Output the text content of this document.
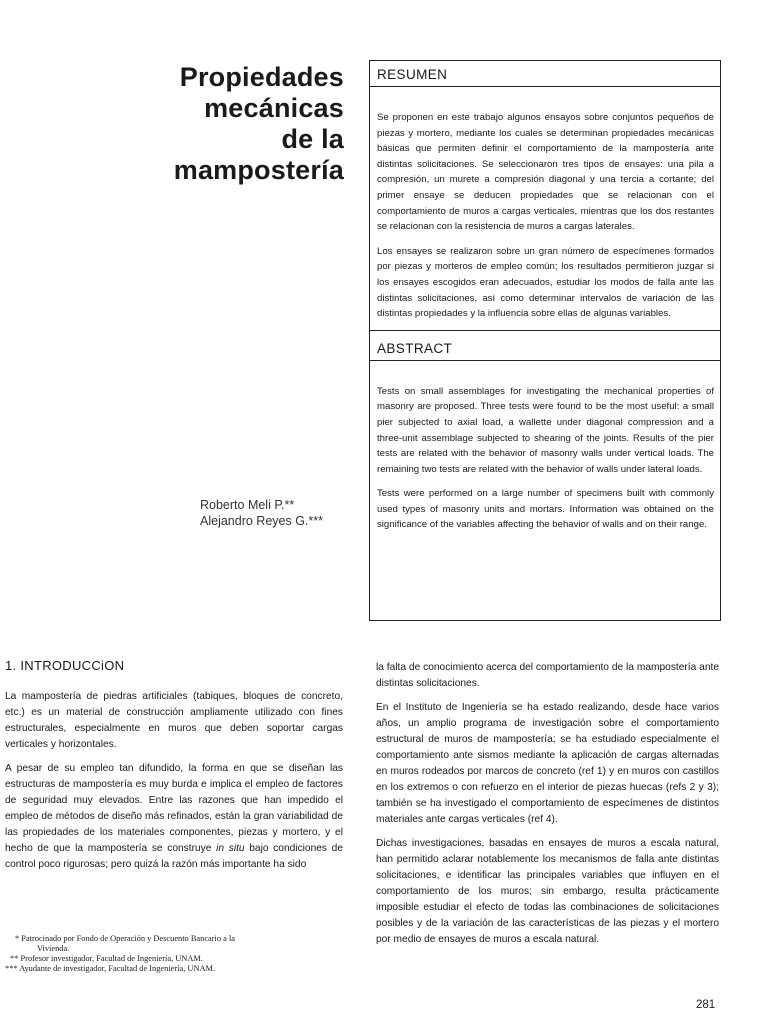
Propiedades
mecánicas
de la
mampostería
Roberto Meli P.**
Alejandro Reyes G.***
RESUMEN

Se proponen en este trabajo algunos ensayos sobre conjuntos pequeños de piezas y mortero, mediante los cuales se determinan propiedades mecánicas básicas que permiten definir el comportamiento de la mampostería ante distintas solicitaciones. Se seleccionaron tres tipos de ensayes: una pila a compresión, un murete a compresión diagonal y una tercia a cortante; del primer ensaye se deducen propiedades que se relacionan con el comportamiento de muros a cargas verticales, mientras que los dos restantes se relacionan con la resistencia de muros a cargas laterales.

Los ensayes se realizaron sobre un gran número de especímenes formados por piezas y morteros de empleo común; los resultados permitieron juzgar si los ensayes escogidos eran adecuados, estudiar los modos de falla ante las distintas solicitaciones, así como determinar intervalos de variación de las distintas propiedades y la influencia sobre ellas de algunas variables.

ABSTRACT

Tests on small assemblages for investigating the mechanical properties of masonry are proposed. Three tests were found to be the most useful: a small pier subjected to axial load, a wallette under diagonal compression and a three-unit assemblage subjected to shearing of the joints. Results of the pier tests are related with the behavior of masonry walls under vertical loads. The remaining two tests are related with the behavior of walls under lateral loads.

Tests were performed on a large number of specimens built with commonly used types of masonry units and mortars. Information was obtained on the significance of the variables affecting the behavior of walls and on their range.

1. INTRODUCCiON

La mampostería de piedras artificiales (tabiques, bloques de concreto, etc.) es un material de construcción ampliamente utilizado con fines estructurales, especialmente en muros que deben soportar cargas verticales y horizontales.

A pesar de su empleo tan difundido, la forma en que se diseñan las estructuras de mampostería es muy burda e implica el empleo de factores de seguridad muy elevados. Entre las razones que han impedido el empleo de métodos de diseño más refinados, están la gran variabilidad de las propiedades de los materiales componentes, piezas y mortero, y el hecho de que la mampostería se construye in situ bajo condiciones de control poco rigurosas; pero quizá la razón más importante ha sido

la falta de conocimiento acerca del comportamiento de la mampostería ante distintas solicitaciones.

En el Instituto de Ingeniería se ha estado realizando, desde hace varios años, un amplio programa de investigación sobre el comportamiento estructural de muros de mampostería; se ha estudiado especialmente el comportamiento ante sismos mediante la aplicación de cargas alternadas en muros rodeados por marcos de concreto (ref 1) y en muros con castillos en los extremos o con refuerzo en el interior de piezas huecas (refs 2 y 3); también se ha investigado el comportamiento de especímenes de distintos materiales ante cargas verticales (ref 4).

Dichas investigaciones, basadas en ensayes de muros a escala natural, han permitido aclarar notablemente los mecanismos de falla ante distintas solicitaciones, e identificar las principales variables que influyen en el comportamiento de los muros; sin embargo, resulta prácticamente imposible estudiar el efecto de todas las combinaciones de solicitaciones posibles y de la variación de las características de las piezas y el mortero por medio de ensayes de muros a escala natural.

* Patrocinado por Fondo de Operación y Descuento Bancario a la
Vivienda.
** Profesor investigador, Facultad de Ingeniería, UNAM.
*** Ayudante de investigador, Facultad de Ingeniería, UNAM.
281
